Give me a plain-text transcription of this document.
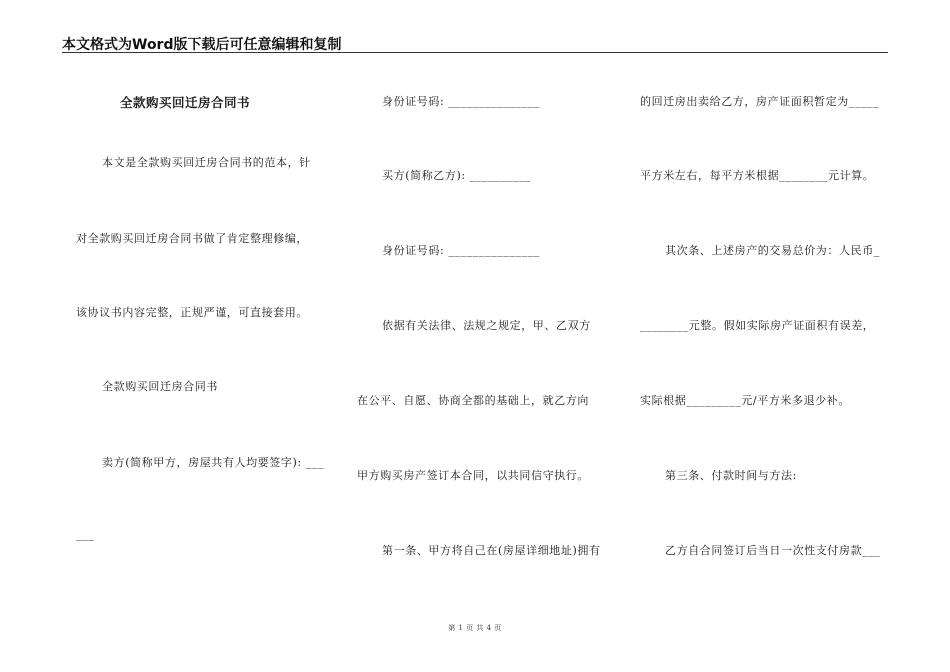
本文格式为Word版下载后可任意编辑和复制
全款购买回迁房合同书
本文是全款购买回迁房合同书的范本，针
对全款购买回迁房合同书做了肯定整理修编，
该协议书内容完整，正规严谨，可直接套用。
全款购买回迁房合同书
卖方(简称甲方，房屋共有人均要签字): ___
___
身份证号码: _______________
买方(简称乙方): __________
身份证号码: _______________
依据有关法律、法规之规定，甲、乙双方
在公平、自愿、协商全都的基础上，就乙方向
甲方购买房产签订本合同，以共同信守执行。
第一条、甲方将自己在(房屋详细地址)拥有
的回迁房出卖给乙方，房产证面积暂定为_____
平方米左右，每平方米根据________元计算。
其次条、上述房产的交易总价为：人民币_
________元整。假如实际房产证面积有误差，
实际根据_________元/平方米多退少补。
第三条、付款时间与方法:
乙方自合同签订后当日一次性支付房款___
第 1 页 共 4 页
